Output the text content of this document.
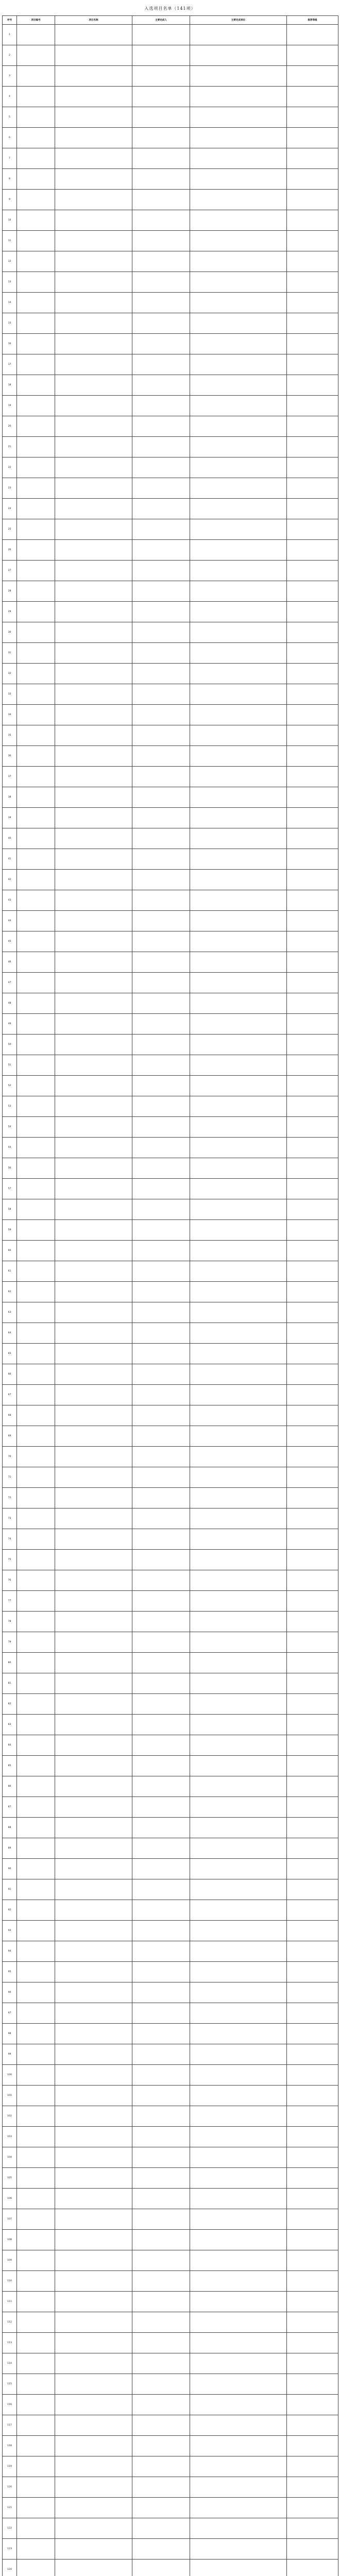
入选项目名单（141项）
序号	项目编号	项目名称	主要完成人	主要完成单位	推荐等级
1					
2					
3					
4					
5					
6					
7					
8					
9					
10					
11					
12					
13					
14					
15					
16					
17					
18					
19					
20					
21					
22					
23					
24					
25					
26					
27					
28					
29					
30					
31					
32					
33					
34					
35					
36					
37					
38					
39					
40					
41					
42					
43					
44					
45					
46					
47					
48					
49					
50					
51					
52					
53					
54					
55					
56					
57					
58					
59					
60					
61					
62					
63					
64					
65					
66					
67					
68					
69					
70					
71					
72					
73					
74					
75					
76					
77					
78					
79					
80					
81					
82					
83					
84					
85					
86					
87					
88					
89					
90					
91					
92					
93					
94					
95					
96					
97					
98					
99					
100					
101					
102					
103					
104					
105					
106					
107					
108					
109					
110					
111					
112					
113					
114					
115					
116					
117					
118					
119					
120					
121					
122					
123					
124					
